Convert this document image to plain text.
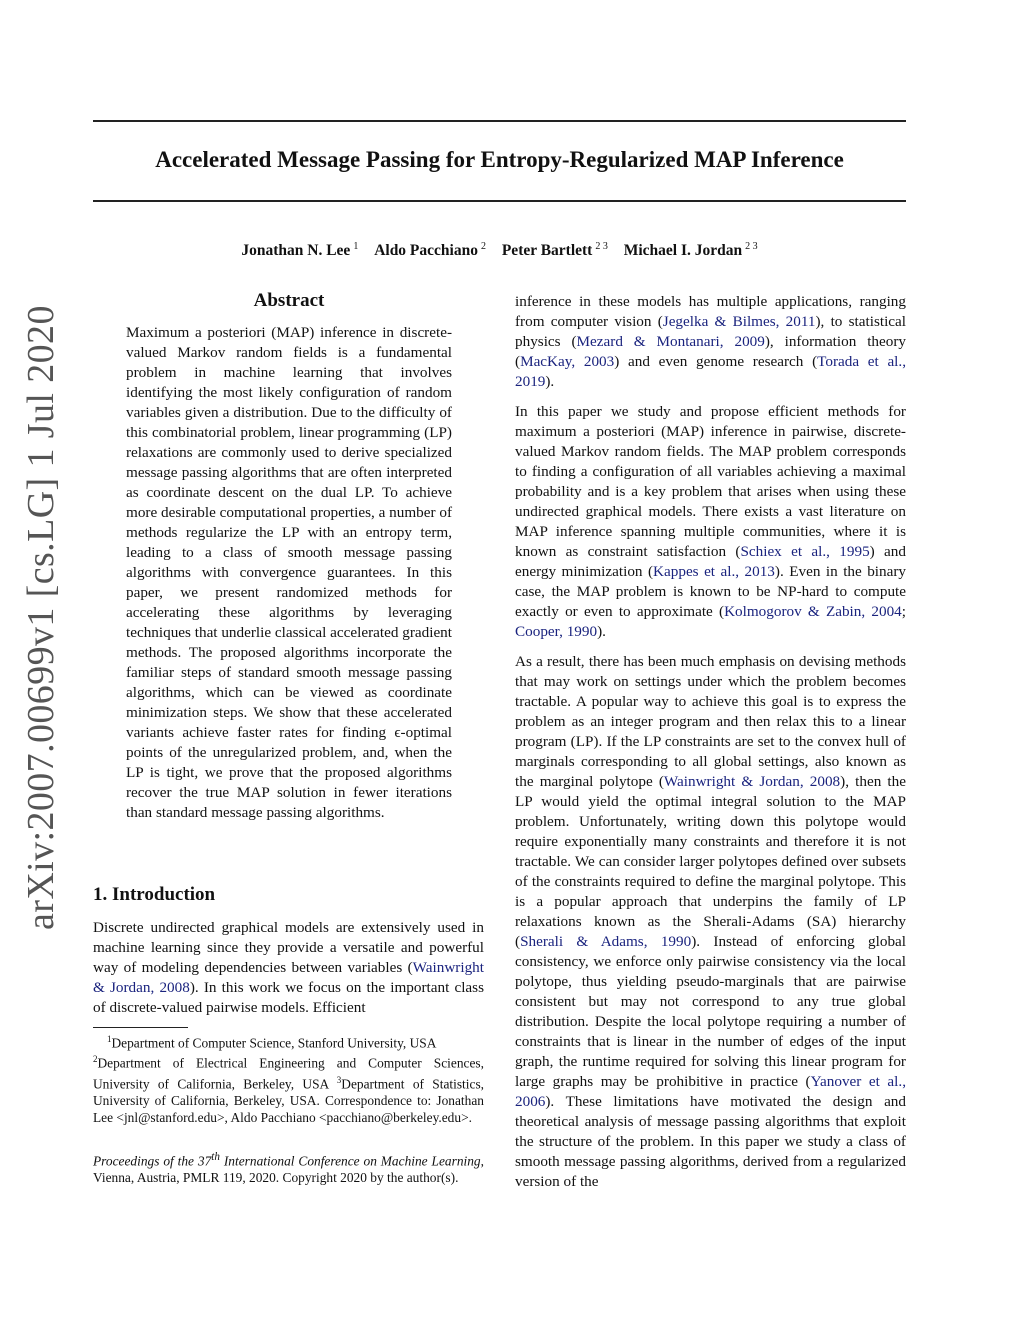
Accelerated Message Passing for Entropy-Regularized MAP Inference
Jonathan N. Lee $^1$ Aldo Pacchiano $^2$ Peter Bartlett $^{2 3}$ Michael I. Jordan $^{2 3}$
arXiv:2007.00699v1 [cs.LG] 1 Jul 2020
Abstract
Maximum a posteriori (MAP) inference in discrete-valued Markov random fields is a fundamental problem in machine learning that involves identifying the most likely configuration of random variables given a distribution. Due to the difficulty of this combinatorial problem, linear programming (LP) relaxations are commonly used to derive specialized message passing algorithms that are often interpreted as coordinate descent on the dual LP. To achieve more desirable computational properties, a number of methods regularize the LP with an entropy term, leading to a class of smooth message passing algorithms with convergence guarantees. In this paper, we present randomized methods for accelerating these algorithms by leveraging techniques that underlie classical accelerated gradient methods. The proposed algorithms incorporate the familiar steps of standard smooth message passing algorithms, which can be viewed as coordinate minimization steps. We show that these accelerated variants achieve faster rates for finding ϵ-optimal points of the unregularized problem, and, when the LP is tight, we prove that the proposed algorithms recover the true MAP solution in fewer iterations than standard message passing algorithms.
1. Introduction
Discrete undirected graphical models are extensively used in machine learning since they provide a versatile and powerful way of modeling dependencies between variables (Wainwright & Jordan, 2008). In this work we focus on the important class of discrete-valued pairwise models. Efficient
$^1$Department of Computer Science, Stanford University, USA
$^2$Department of Electrical Engineering and Computer Sciences, University of California, Berkeley, USA $^3$Department of Statistics, University of California, Berkeley, USA. Correspondence to: Jonathan Lee <jnl@stanford.edu>, Aldo Pacchiano <pacchiano@berkeley.edu>.
Proceedings of the 37th International Conference on Machine Learning, Vienna, Austria, PMLR 119, 2020. Copyright 2020 by the author(s).

inference in these models has multiple applications, ranging from computer vision (Jegelka & Bilmes, 2011), to statistical physics (Mezard & Montanari, 2009), information theory (MacKay, 2003) and even genome research (Torada et al., 2019).

In this paper we study and propose efficient methods for maximum a posteriori (MAP) inference in pairwise, discrete-valued Markov random fields. The MAP problem corresponds to finding a configuration of all variables achieving a maximal probability and is a key problem that arises when using these undirected graphical models. There exists a vast literature on MAP inference spanning multiple communities, where it is known as constraint satisfaction (Schiex et al., 1995) and energy minimization (Kappes et al., 2013). Even in the binary case, the MAP problem is known to be NP-hard to compute exactly or even to approximate (Kolmogorov & Zabin, 2004; Cooper, 1990).

As a result, there has been much emphasis on devising methods that may work on settings under which the problem becomes tractable. A popular way to achieve this goal is to express the problem as an integer program and then relax this to a linear program (LP). If the LP constraints are set to the convex hull of marginals corresponding to all global settings, also known as the marginal polytope (Wainwright & Jordan, 2008), then the LP would yield the optimal integral solution to the MAP problem. Unfortunately, writing down this polytope would require exponentially many constraints and therefore it is not tractable. We can consider larger polytopes defined over subsets of the constraints required to define the marginal polytope. This is a popular approach that underpins the family of LP relaxations known as the Sherali-Adams (SA) hierarchy (Sherali & Adams, 1990). Instead of enforcing global consistency, we enforce only pairwise consistency via the local polytope, thus yielding pseudo-marginals that are pairwise consistent but may not correspond to any true global distribution. Despite the local polytope requiring a number of constraints that is linear in the number of edges of the input graph, the runtime required for solving this linear program for large graphs may be prohibitive in practice (Yanover et al., 2006). These limitations have motivated the design and theoretical analysis of message passing algorithms that exploit the structure of the problem. In this paper we study a class of smooth message passing algorithms, derived from a regularized version of the
